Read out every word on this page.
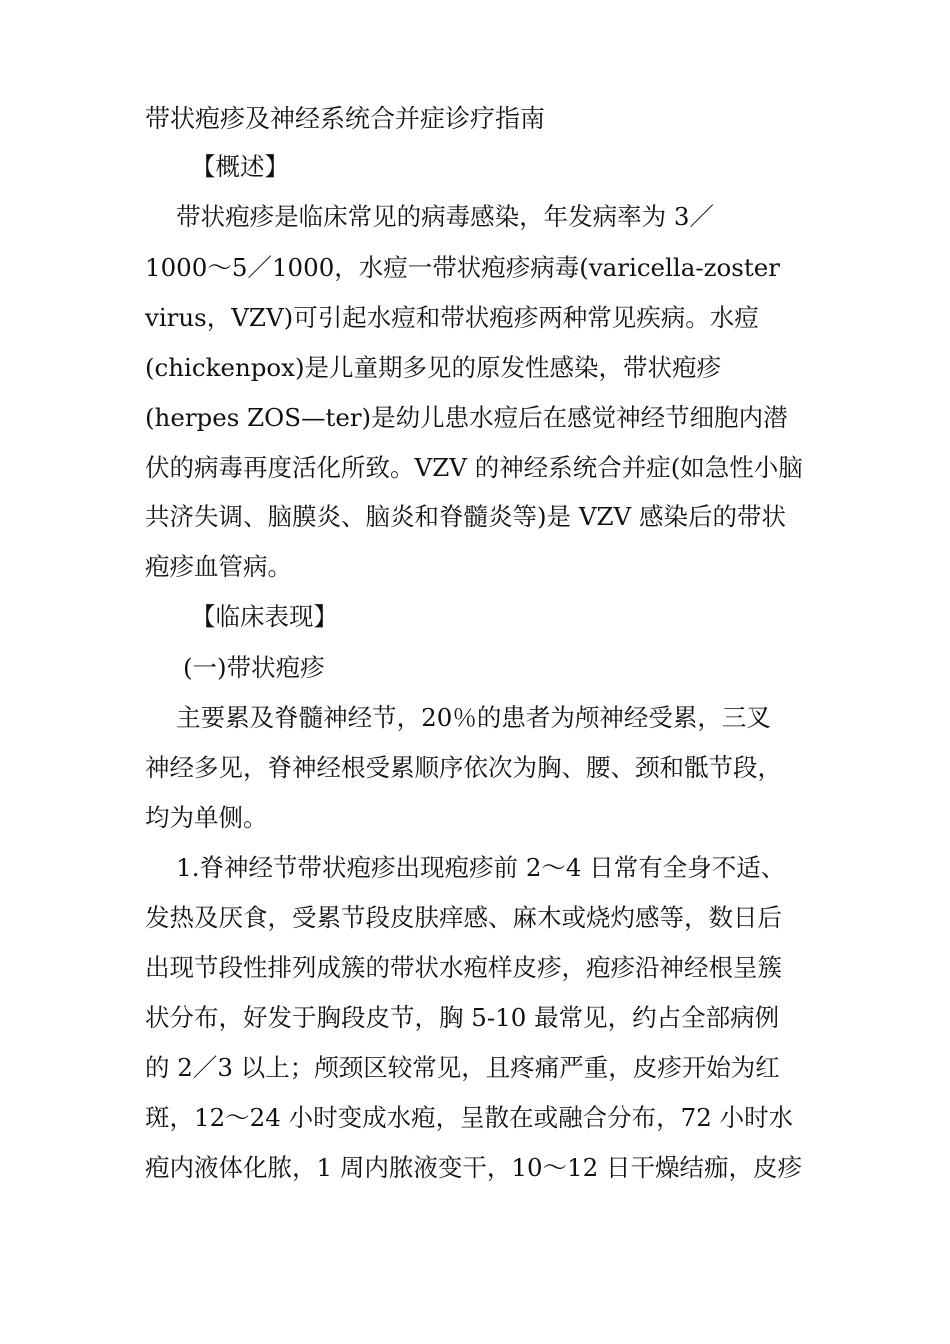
带状疱疹及神经系统合并症诊疗指南
【概述】
带状疱疹是临床常见的病毒感染，年发病率为 3／
1000～5／1000，水痘一带状疱疹病毒(varicella-zoster
virus，VZV)可引起水痘和带状疱疹两种常见疾病。水痘
(chickenpox)是儿童期多见的原发性感染，带状疱疹
(herpes ZOS—ter)是幼儿患水痘后在感觉神经节细胞内潜
伏的病毒再度活化所致。VZV 的神经系统合并症(如急性小脑
共济失调、脑膜炎、脑炎和脊髓炎等)是 VZV 感染后的带状
疱疹血管病。
【临床表现】
(一)带状疱疹
主要累及脊髓神经节，20％的患者为颅神经受累，三叉
神经多见，脊神经根受累顺序依次为胸、腰、颈和骶节段，
均为单侧。
1.脊神经节带状疱疹出现疱疹前 2～4 日常有全身不适、
发热及厌食，受累节段皮肤痒感、麻木或烧灼感等，数日后
出现节段性排列成簇的带状水疱样皮疹，疱疹沿神经根呈簇
状分布，好发于胸段皮节，胸 5-10 最常见，约占全部病例
的 2／3 以上；颅颈区较常见，且疼痛严重，皮疹开始为红
斑，12～24 小时变成水疱，呈散在或融合分布，72 小时水
疱内液体化脓，1 周内脓液变干，10～12 日干燥结痂，皮疹
